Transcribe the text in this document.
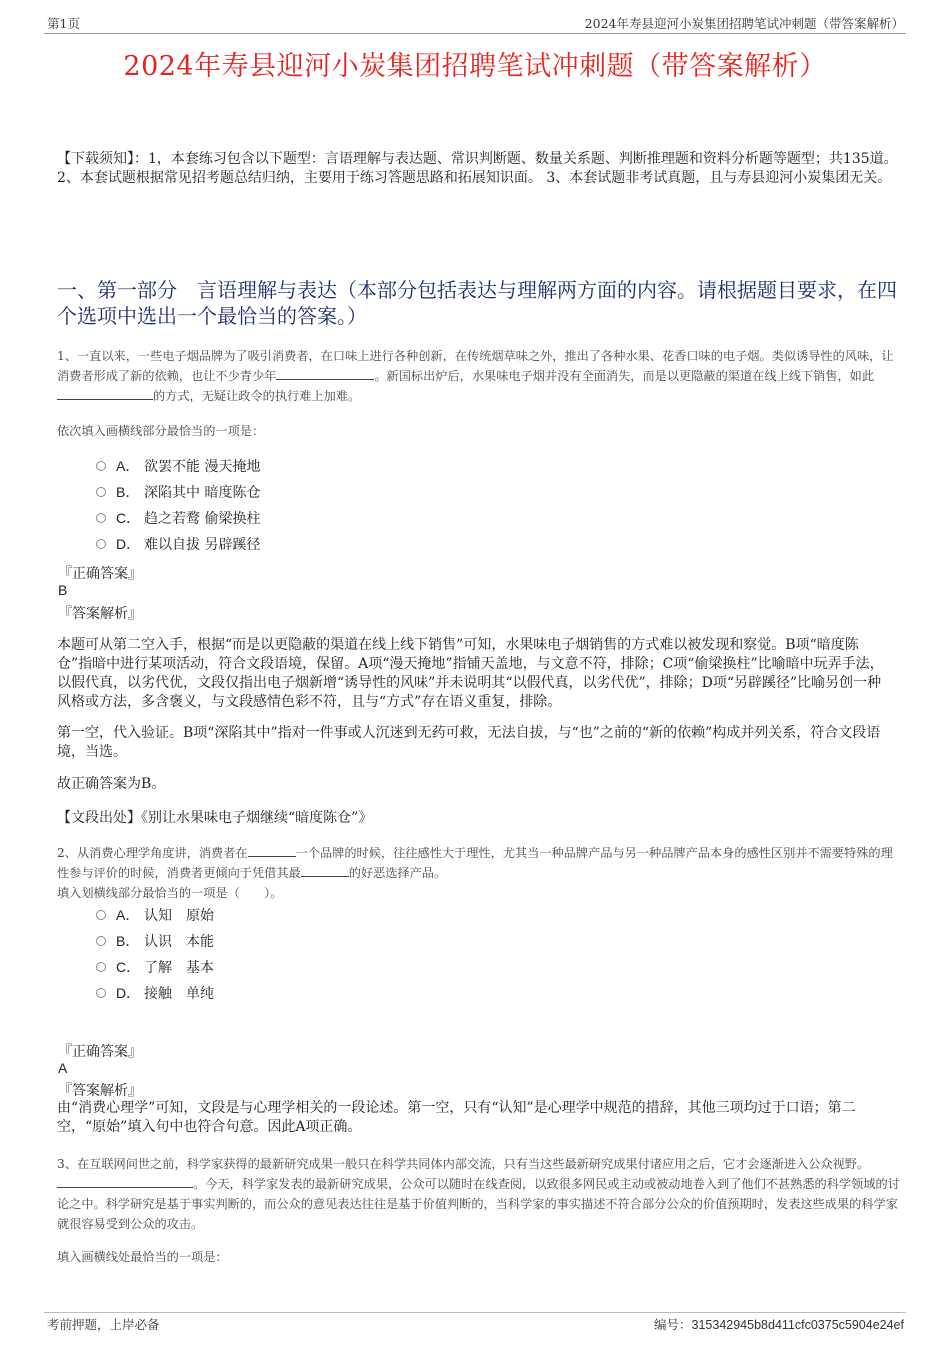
第1页	2024年寿县迎河小炭集团招聘笔试冲刺题（带答案解析）
2024年寿县迎河小炭集团招聘笔试冲刺题（带答案解析）
【下载须知】：1，本套练习包含以下题型：言语理解与表达题、常识判断题、数量关系题、判断推理题和资料分析题等题型；共135道。 2、本套试题根据常见招考题总结归纳，主要用于练习答题思路和拓展知识面。 3、本套试题非考试真题，且与寿县迎河小炭集团无关。
一、第一部分　言语理解与表达（本部分包括表达与理解两方面的内容。请根据题目要求，在四个选项中选出一个最恰当的答案。）
1、一直以来，一些电子烟品牌为了吸引消费者，在口味上进行各种创新，在传统烟草味之外，推出了各种水果、花香口味的电子烟。类似诱导性的风味，让消费者形成了新的依赖，也让不少青少年	。新国标出炉后，水果味电子烟并没有全面消失，而是以更隐蔽的渠道在线上线下销售，如此的方式，无疑让政令的执行难上加难。
依次填入画横线部分最恰当的一项是：
A． 欲罢不能 漫天掩地
B． 深陷其中 暗度陈仓
C． 趋之若鹜 偷梁换柱
D． 难以自拔 另辟蹊径
『正确答案』
B
『答案解析』
本题可从第二空入手，根据“而是以更隐蔽的渠道在线上线下销售”可知，水果味电子烟销售的方式难以被发现和察觉。B项“暗度陈仓”指暗中进行某项活动，符合文段语境，保留。A项“漫天掩地”指铺天盖地，与文意不符，排除；C项“偷梁换柱”比喻暗中玩弄手法，以假代真，以劣代优，文段仅指出电子烟新增“诱导性的风味”并未说明其“以假代真，以劣代优”，排除；D项“另辟蹊径”比喻另创一种风格或方法，多含褒义，与文段感情色彩不符，且与“方式”存在语义重复，排除。
第一空，代入验证。B项“深陷其中”指对一件事或人沉迷到无药可救，无法自拔，与“也”之前的“新的依赖”构成并列关系，符合文段语境，当选。
故正确答案为B。
【文段出处】《别让水果味电子烟继续“暗度陈仓”》
2、从消费心理学角度讲，消费者在	一个品牌的时候，往往感性大于理性，尤其当一种品牌产品与另一种品牌产品本身的感性区别并不需要特殊的理性参与评价的时候，消费者更倾向于凭借其最	的好恶选择产品。
填入划横线部分最恰当的一项是（　　）。
A． 认知　原始
B． 认识　本能
C． 了解　基本
D． 接触　单纯
『正确答案』
A
『答案解析』
由“消费心理学”可知，文段是与心理学相关的一段论述。第一空，只有“认知”是心理学中规范的措辞，其他三项均过于口语；第二空，“原始”填入句中也符合句意。因此A项正确。
3、在互联网问世之前，科学家获得的最新研究成果一般只在科学共同体内部交流，只有当这些最新研究成果付诸应用之后，它才会逐渐进入公众视野。。今天，科学家发表的最新研究成果，公众可以随时在线查阅，以致很多网民或主动或被动地卷入到了他们不甚熟悉的科学领域的讨论之中。科学研究是基于事实判断的，而公众的意见表达往往是基于价值判断的，当科学家的事实描述不符合部分公众的价值预期时，发表这些成果的科学家就很容易受到公众的攻击。
填入画横线处最恰当的一项是：
考前押题，上岸必备	编号：315342945b8d411cfc0375c5904e24ef
